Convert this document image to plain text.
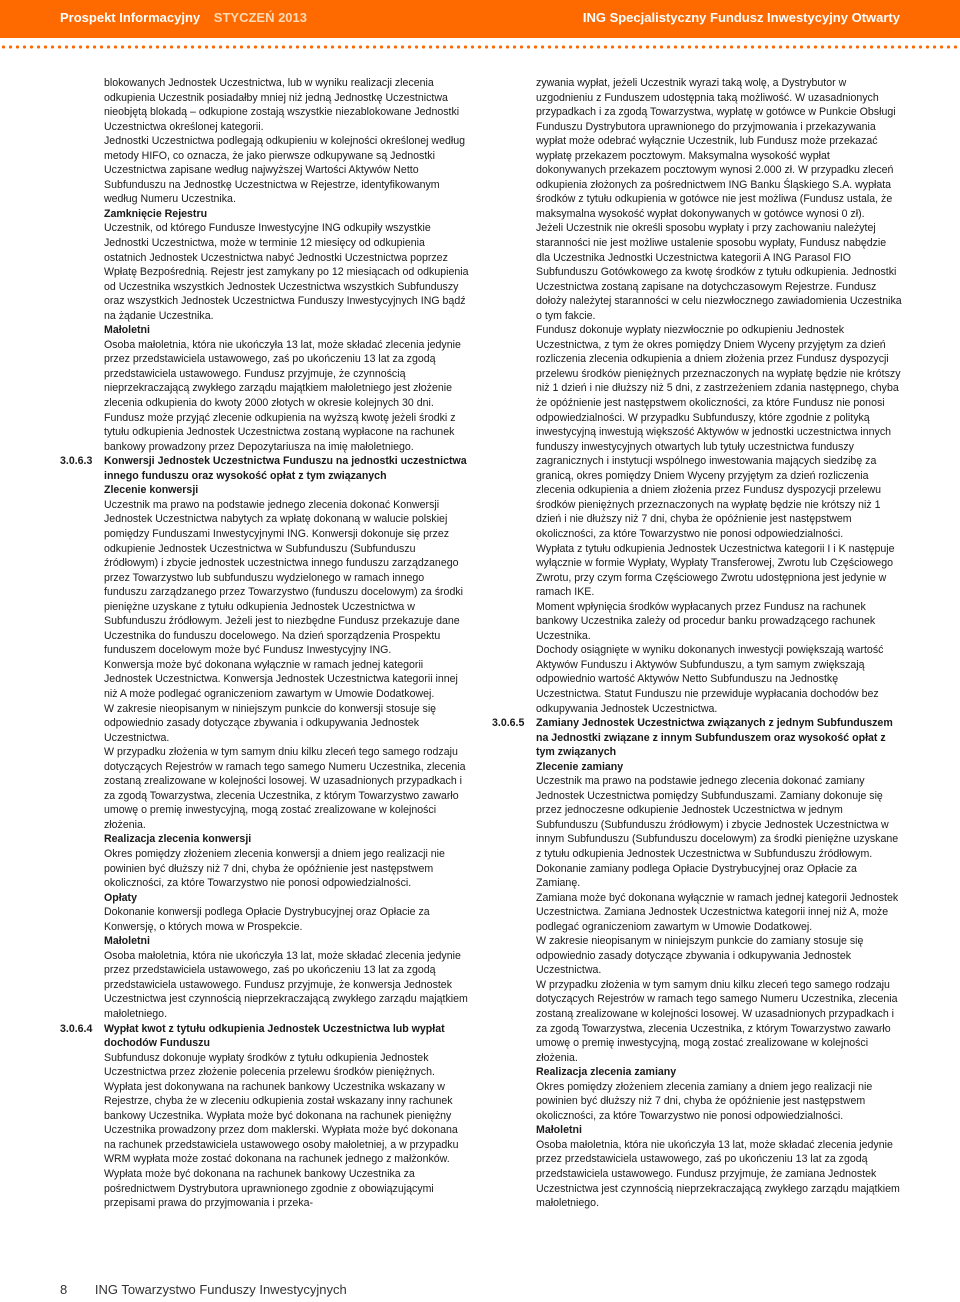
Prospekt Informacyjny STYCZEŃ 2013	ING Specjalistyczny Fundusz Inwestycyjny Otwarty

blokowanych Jednostek Uczestnictwa, lub w wyniku realizacji zlecenia odkupienia Uczestnik posiadałby mniej niż jedną Jednostkę Uczestnictwa nieobjętą blokadą – odkupione zostają wszystkie niezablokowane Jednostki Uczestnictwa określonej kategorii.

Jednostki Uczestnictwa podlegają odkupieniu w kolejności określonej według metody HIFO, co oznacza, że jako pierwsze odkupywane są Jednostki Uczestnictwa zapisane według najwyższej Wartości Aktywów Netto Subfunduszu na Jednostkę Uczestnictwa w Rejestrze, identyfikowanym według Numeru Uczestnika.

Zamknięcie Rejestru

Uczestnik, od którego Fundusze Inwestycyjne ING odkupiły wszystkie Jednostki Uczestnictwa, może w terminie 12 miesięcy od odkupienia ostatnich Jednostek Uczestnictwa nabyć Jednostki Uczestnictwa poprzez Wpłatę Bezpośrednią. Rejestr jest zamykany po 12 miesiącach od odkupienia od Uczestnika wszystkich Jednostek Uczestnictwa wszystkich Subfunduszy oraz wszystkich Jednostek Uczestnictwa Funduszy Inwestycyjnych ING bądź na żądanie Uczestnika.

Małoletni

Osoba małoletnia, która nie ukończyła 13 lat, może składać zlecenia jedynie przez przedstawiciela ustawowego, zaś po ukończeniu 13 lat za zgodą przedstawiciela ustawowego. Fundusz przyjmuje, że czynnością nieprzekraczającą zwykłego zarządu majątkiem małoletniego jest złożenie zlecenia odkupienia do kwoty 2000 złotych w okresie kolejnych 30 dni.

Fundusz może przyjąć zlecenie odkupienia na wyższą kwotę jeżeli środki z tytułu odkupienia Jednostek Uczestnictwa zostaną wypłacone na rachunek bankowy prowadzony przez Depozytariusza na imię małoletniego.

3.0.6.3	Konwersji Jednostek Uczestnictwa Funduszu na jednostki uczestnictwa innego funduszu oraz wysokość opłat z tym związanych

Zlecenie konwersji

Uczestnik ma prawo na podstawie jednego zlecenia dokonać Konwersji Jednostek Uczestnictwa nabytych za wpłatę dokonaną w walucie polskiej pomiędzy Funduszami Inwestycyjnymi ING. Konwersji dokonuje się przez odkupienie Jednostek Uczestnictwa w Subfunduszu (Subfunduszu źródłowym) i zbycie jednostek uczestnictwa innego funduszu zarządzanego przez Towarzystwo lub subfunduszu wydzielonego w ramach innego funduszu zarządzanego przez Towarzystwo (funduszu docelowym) za środki pieniężne uzyskane z tytułu odkupienia Jednostek Uczestnictwa w Subfunduszu źródłowym. Jeżeli jest to niezbędne Fundusz przekazuje dane Uczestnika do funduszu docelowego. Na dzień sporządzenia Prospektu funduszem docelowym może być Fundusz Inwestycyjny ING.

Konwersja może być dokonana wyłącznie w ramach jednej kategorii Jednostek Uczestnictwa. Konwersja Jednostek Uczestnictwa kategorii innej niż A może podlegać ograniczeniom zawartym w Umowie Dodatkowej.

W zakresie nieopisanym w niniejszym punkcie do konwersji stosuje się odpowiednio zasady dotyczące zbywania i odkupywania Jednostek Uczestnictwa.

W przypadku złożenia w tym samym dniu kilku zleceń tego samego rodzaju dotyczących Rejestrów w ramach tego samego Numeru Uczestnika, zlecenia zostaną zrealizowane w kolejności losowej. W uzasadnionych przypadkach i za zgodą Towarzystwa, zlecenia Uczestnika, z którym Towarzystwo zawarło umowę o premię inwestycyjną, mogą zostać zrealizowane w kolejności złożenia.

Realizacja zlecenia konwersji

Okres pomiędzy złożeniem zlecenia konwersji a dniem jego realizacji nie powinien być dłuższy niż 7 dni, chyba że opóźnienie jest następstwem okoliczności, za które Towarzystwo nie ponosi odpowiedzialności.

Opłaty

Dokonanie konwersji podlega Opłacie Dystrybucyjnej oraz Opłacie za Konwersję, o których mowa w Prospekcie.

Małoletni

Osoba małoletnia, która nie ukończyła 13 lat, może składać zlecenia jedynie przez przedstawiciela ustawowego, zaś po ukończeniu 13 lat za zgodą przedstawiciela ustawowego. Fundusz przyjmuje, że konwersja Jednostek Uczestnictwa jest czynnością nieprzekraczającą zwykłego zarządu majątkiem małoletniego.

3.0.6.4	Wypłat kwot z tytułu odkupienia Jednostek Uczestnictwa lub wypłat dochodów Funduszu

Subfundusz dokonuje wypłaty środków z tytułu odkupienia Jednostek Uczestnictwa przez złożenie polecenia przelewu środków pieniężnych. Wypłata jest dokonywana na rachunek bankowy Uczestnika wskazany w Rejestrze, chyba że w zleceniu odkupienia został wskazany inny rachunek bankowy Uczestnika. Wypłata może być dokonana na rachunek pieniężny Uczestnika prowadzony przez dom maklerski. Wypłata może być dokonana na rachunek przedstawiciela ustawowego osoby małoletniej, a w przypadku WRM wypłata może zostać dokonana na rachunek jednego z małżonków. Wypłata może być dokonana na rachunek bankowy Uczestnika za pośrednictwem Dystrybutora uprawnionego zgodnie z obowiązującymi przepisami prawa do przyjmowania i przeka-

zywania wypłat, jeżeli Uczestnik wyrazi taką wolę, a Dystrybutor w uzgodnieniu z Funduszem udostępnia taką możliwość. W uzasadnionych przypadkach i za zgodą Towarzystwa, wypłatę w gotówce w Punkcie Obsługi Funduszu Dystrybutora uprawnionego do przyjmowania i przekazywania wypłat może odebrać wyłącznie Uczestnik, lub Fundusz może przekazać wypłatę przekazem pocztowym. Maksymalna wysokość wypłat dokonywanych przekazem pocztowym wynosi 2.000 zł. W przypadku zleceń odkupienia złożonych za pośrednictwem ING Banku Śląskiego S.A. wypłata środków z tytułu odkupienia w gotówce nie jest możliwa (Fundusz ustala, że maksymalna wysokość wypłat dokonywanych w gotówce wynosi 0 zł).

Jeżeli Uczestnik nie określi sposobu wypłaty i przy zachowaniu należytej staranności nie jest możliwe ustalenie sposobu wypłaty, Fundusz nabędzie dla Uczestnika Jednostki Uczestnictwa kategorii A ING Parasol FIO Subfunduszu Gotówkowego za kwotę środków z tytułu odkupienia. Jednostki Uczestnictwa zostaną zapisane na dotychczasowym Rejestrze. Fundusz dołoży należytej staranności w celu niezwłocznego zawiadomienia Uczestnika o tym fakcie.

Fundusz dokonuje wypłaty niezwłocznie po odkupieniu Jednostek Uczestnictwa, z tym że okres pomiędzy Dniem Wyceny przyjętym za dzień rozliczenia zlecenia odkupienia a dniem złożenia przez Fundusz dyspozycji przelewu środków pieniężnych przeznaczonych na wypłatę będzie nie krótszy niż 1 dzień i nie dłuższy niż 5 dni, z zastrzeżeniem zdania następnego, chyba że opóźnienie jest następstwem okoliczności, za które Fundusz nie ponosi odpowiedzialności. W przypadku Subfunduszy, które zgodnie z polityką inwestycyjną inwestują większość Aktywów w jednostki uczestnictwa innych funduszy inwestycyjnych otwartych lub tytuły uczestnictwa funduszy zagranicznych i instytucji wspólnego inwestowania mających siedzibę za granicą, okres pomiędzy Dniem Wyceny przyjętym za dzień rozliczenia zlecenia odkupienia a dniem złożenia przez Fundusz dyspozycji przelewu środków pieniężnych przeznaczonych na wypłatę będzie nie krótszy niż 1 dzień i nie dłuższy niż 7 dni, chyba że opóźnienie jest następstwem okoliczności, za które Towarzystwo nie ponosi odpowiedzialności.

Wypłata z tytułu odkupienia Jednostek Uczestnictwa kategorii I i K następuje wyłącznie w formie Wypłaty, Wypłaty Transferowej, Zwrotu lub Częściowego Zwrotu, przy czym forma Częściowego Zwrotu udostępniona jest jedynie w ramach IKE.

Moment wpłynięcia środków wypłacanych przez Fundusz na rachunek bankowy Uczestnika zależy od procedur banku prowadzącego rachunek Uczestnika.

Dochody osiągnięte w wyniku dokonanych inwestycji powiększają wartość Aktywów Funduszu i Aktywów Subfunduszu, a tym samym zwiększają odpowiednio wartość Aktywów Netto Subfunduszu na Jednostkę Uczestnictwa. Statut Funduszu nie przewiduje wypłacania dochodów bez odkupywania Jednostek Uczestnictwa.

3.0.6.5	Zamiany Jednostek Uczestnictwa związanych z jednym Subfunduszem na Jednostki związane z innym Subfunduszem oraz wysokość opłat z tym związanych

Zlecenie zamiany

Uczestnik ma prawo na podstawie jednego zlecenia dokonać zamiany Jednostek Uczestnictwa pomiędzy Subfunduszami. Zamiany dokonuje się przez jednoczesne odkupienie Jednostek Uczestnictwa w jednym Subfunduszu (Subfunduszu źródłowym) i zbycie Jednostek Uczestnictwa w innym Subfunduszu (Subfunduszu docelowym) za środki pieniężne uzyskane z tytułu odkupienia Jednostek Uczestnictwa w Subfunduszu źródłowym. Dokonanie zamiany podlega Opłacie Dystrybucyjnej oraz Opłacie za Zamianę.

Zamiana może być dokonana wyłącznie w ramach jednej kategorii Jednostek Uczestnictwa. Zamiana Jednostek Uczestnictwa kategorii innej niż A, może podlegać ograniczeniom zawartym w Umowie Dodatkowej.

W zakresie nieopisanym w niniejszym punkcie do zamiany stosuje się odpowiednio zasady dotyczące zbywania i odkupywania Jednostek Uczestnictwa.

W przypadku złożenia w tym samym dniu kilku zleceń tego samego rodzaju dotyczących Rejestrów w ramach tego samego Numeru Uczestnika, zlecenia zostaną zrealizowane w kolejności losowej. W uzasadnionych przypadkach i za zgodą Towarzystwa, zlecenia Uczestnika, z którym Towarzystwo zawarło umowę o premię inwestycyjną, mogą zostać zrealizowane w kolejności złożenia.

Realizacja zlecenia zamiany

Okres pomiędzy złożeniem zlecenia zamiany a dniem jego realizacji nie powinien być dłuższy niż 7 dni, chyba że opóźnienie jest następstwem okoliczności, za które Towarzystwo nie ponosi odpowiedzialności.

Małoletni

Osoba małoletnia, która nie ukończyła 13 lat, może składać zlecenia jedynie przez przedstawiciela ustawowego, zaś po ukończeniu 13 lat za zgodą przedstawiciela ustawowego. Fundusz przyjmuje, że zamiana Jednostek Uczestnictwa jest czynnością nieprzekraczającą zwykłego zarządu majątkiem małoletniego.

8 ING Towarzystwo Funduszy Inwestycyjnych
